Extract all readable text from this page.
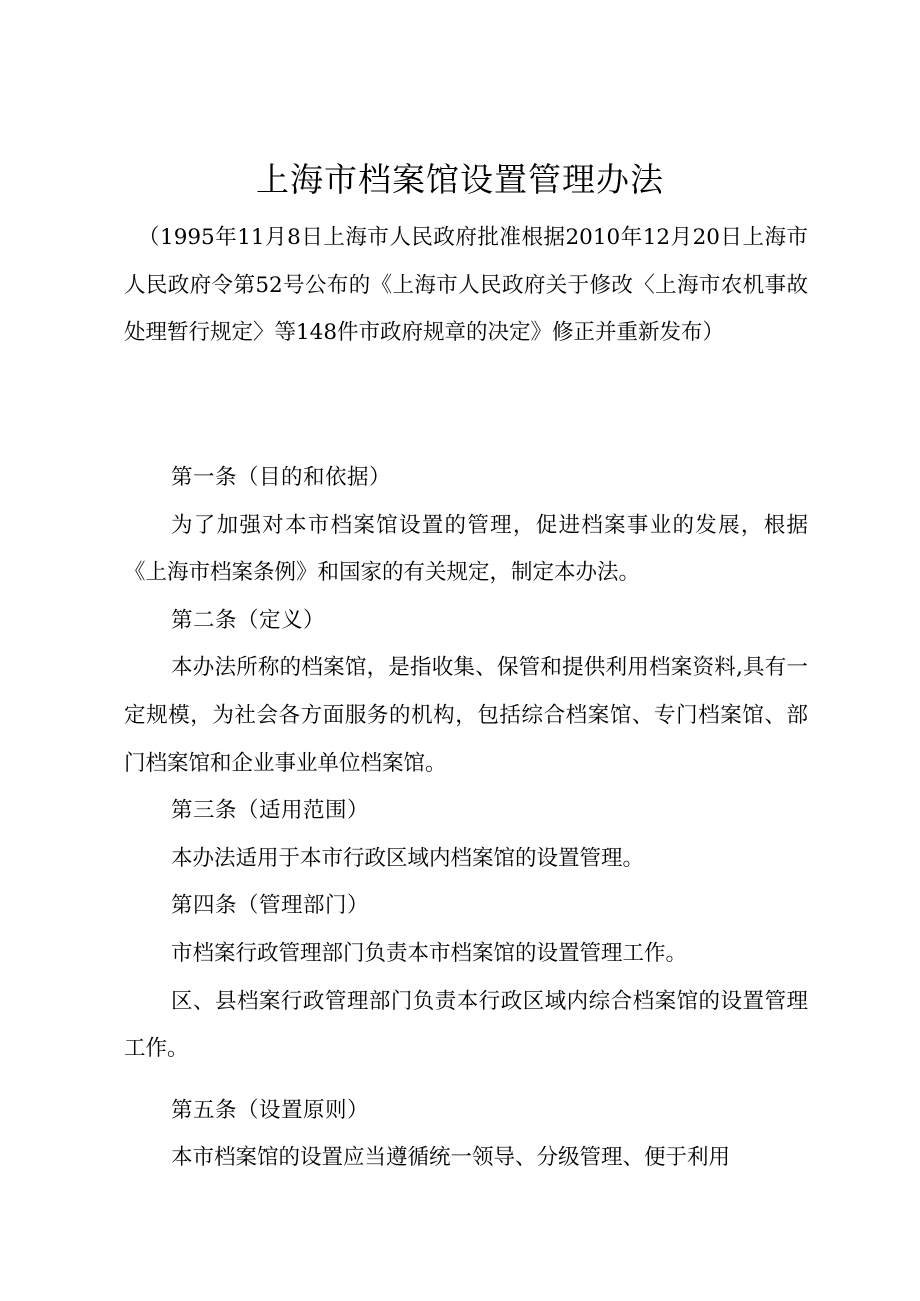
上海市档案馆设置管理办法
（1995年11月8日上海市人民政府批准根据2010年12月20日上海市人民政府令第52号公布的《上海市人民政府关于修改〈上海市农机事故处理暂行规定〉等148件市政府规章的决定》修正并重新发布）

第一条（目的和依据）

为了加强对本市档案馆设置的管理，促进档案事业的发展，根据《上海市档案条例》和国家的有关规定，制定本办法。

第二条（定义）

本办法所称的档案馆，是指收集、保管和提供利用档案资料,具有一定规模，为社会各方面服务的机构，包括综合档案馆、专门档案馆、部门档案馆和企业事业单位档案馆。

第三条（适用范围）

本办法适用于本市行政区域内档案馆的设置管理。

第四条（管理部门）

市档案行政管理部门负责本市档案馆的设置管理工作。

区、县档案行政管理部门负责本行政区域内综合档案馆的设置管理工作。

第五条（设置原则）

本市档案馆的设置应当遵循统一领导、分级管理、便于利用
